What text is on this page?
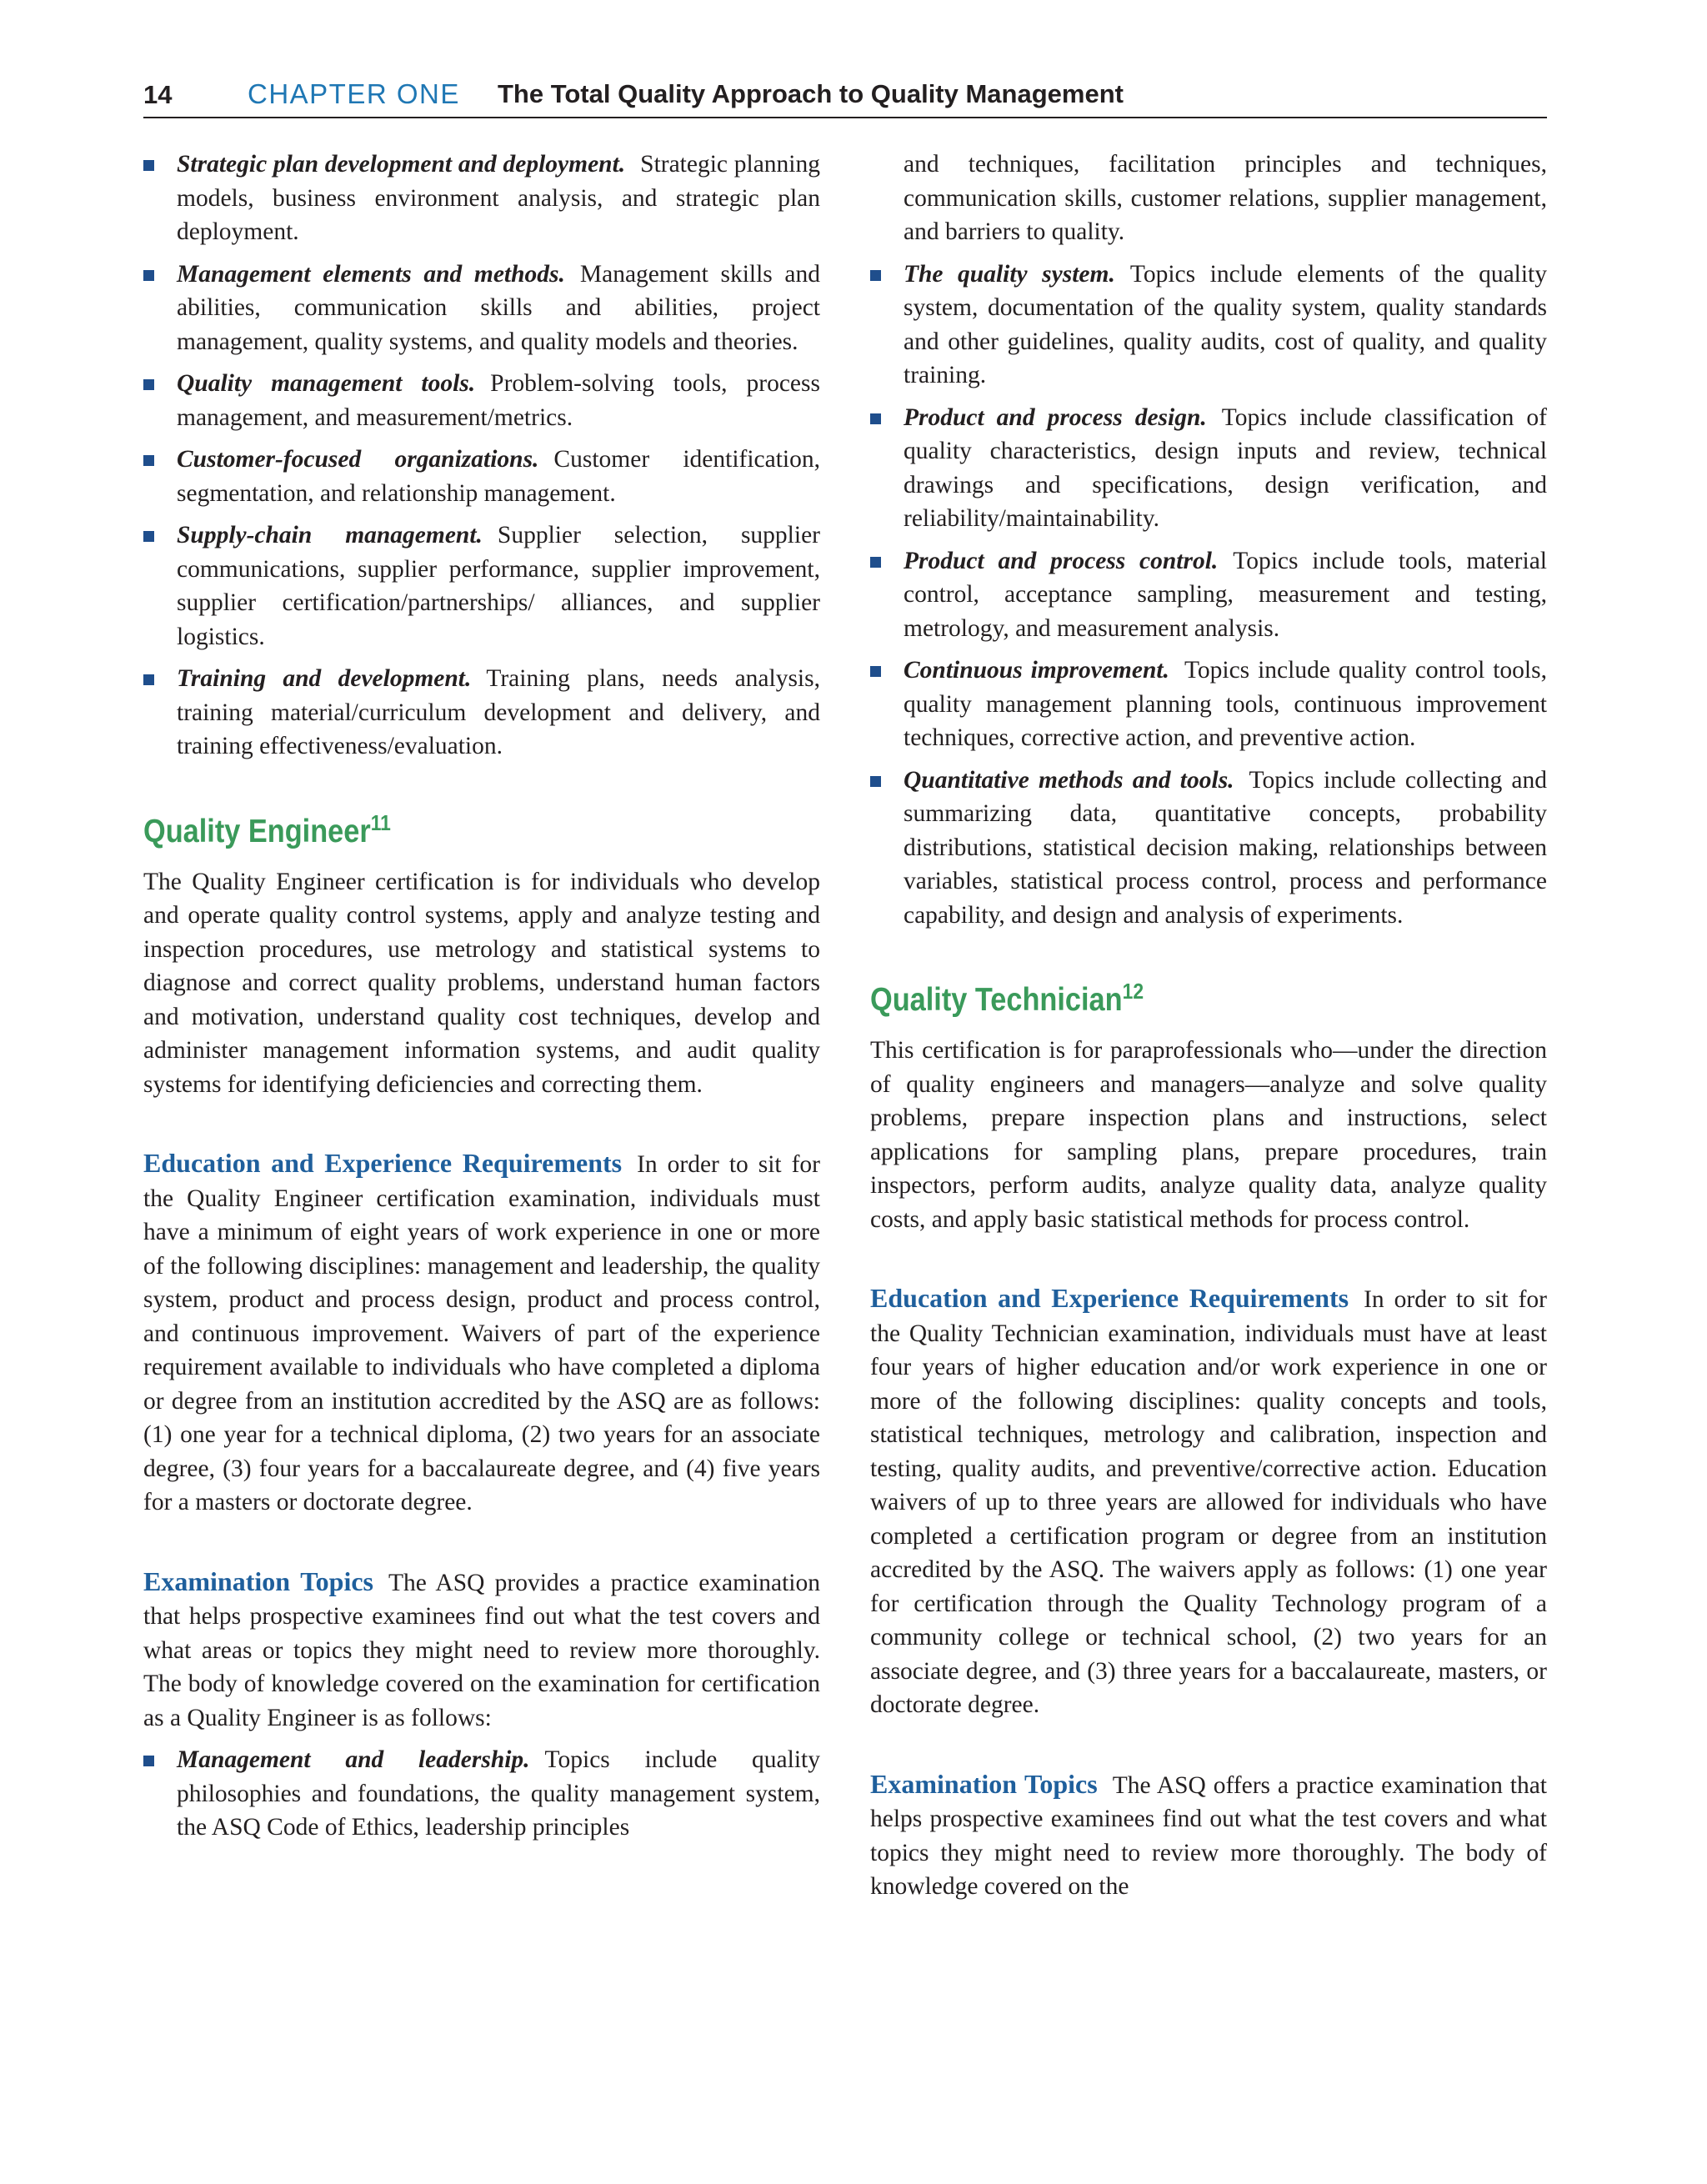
14	CHAPTER ONE The Total Quality Approach to Quality Management
Strategic plan development and deployment. Strategic planning models, business environment analysis, and strategic plan deployment.
Management elements and methods. Management skills and abilities, communication skills and abilities, project management, quality systems, and quality models and theories.
Quality management tools. Problem-solving tools, process management, and measurement/metrics.
Customer-focused organizations. Customer identification, segmentation, and relationship management.
Supply-chain management. Supplier selection, supplier communications, supplier performance, supplier improvement, supplier certification/partnerships/ alliances, and supplier logistics.
Training and development. Training plans, needs analysis, training material/curriculum development and delivery, and training effectiveness/evaluation.
Quality Engineer$^{11}$

The Quality Engineer certification is for individuals who develop and operate quality control systems, apply and analyze testing and inspection procedures, use metrology and statistical systems to diagnose and correct quality problems, understand human factors and motivation, understand quality cost techniques, develop and administer management information systems, and audit quality systems for identifying deficiencies and correcting them.

Education and Experience Requirements In order to sit for the Quality Engineer certification examination, individuals must have a minimum of eight years of work experience in one or more of the following disciplines: management and leadership, the quality system, product and process design, product and process control, and continuous improvement. Waivers of part of the experience requirement available to individuals who have completed a diploma or degree from an institution accredited by the ASQ are as follows: (1) one year for a technical diploma, (2) two years for an associate degree, (3) four years for a baccalaureate degree, and (4) five years for a masters or doctorate degree.

Examination Topics The ASQ provides a practice examination that helps prospective examinees find out what the test covers and what areas or topics they might need to review more thoroughly. The body of knowledge covered on the examination for certification as a Quality Engineer is as follows:

Management and leadership. Topics include quality philosophies and foundations, the quality management system, the ASQ Code of Ethics, leadership principles
and techniques, facilitation principles and techniques, communication skills, customer relations, supplier management, and barriers to quality.
The quality system. Topics include elements of the quality system, documentation of the quality system, quality standards and other guidelines, quality audits, cost of quality, and quality training.
Product and process design. Topics include classification of quality characteristics, design inputs and review, technical drawings and specifications, design verification, and reliability/maintainability.
Product and process control. Topics include tools, material control, acceptance sampling, measurement and testing, metrology, and measurement analysis.
Continuous improvement. Topics include quality control tools, quality management planning tools, continuous improvement techniques, corrective action, and preventive action.
Quantitative methods and tools. Topics include collecting and summarizing data, quantitative concepts, probability distributions, statistical decision making, relationships between variables, statistical process control, process and performance capability, and design and analysis of experiments.
Quality Technician$^{12}$

This certification is for paraprofessionals who—under the direction of quality engineers and managers—analyze and solve quality problems, prepare inspection plans and instructions, select applications for sampling plans, prepare procedures, train inspectors, perform audits, analyze quality data, analyze quality costs, and apply basic statistical methods for process control.

Education and Experience Requirements In order to sit for the Quality Technician examination, individuals must have at least four years of higher education and/or work experience in one or more of the following disciplines: quality concepts and tools, statistical techniques, metrology and calibration, inspection and testing, quality audits, and preventive/corrective action. Education waivers of up to three years are allowed for individuals who have completed a certification program or degree from an institution accredited by the ASQ. The waivers apply as follows: (1) one year for certification through the Quality Technology program of a community college or technical school, (2) two years for an associate degree, and (3) three years for a baccalaureate, masters, or doctorate degree.

Examination Topics The ASQ offers a practice examination that helps prospective examinees find out what the test covers and what topics they might need to review more thoroughly. The body of knowledge covered on the
